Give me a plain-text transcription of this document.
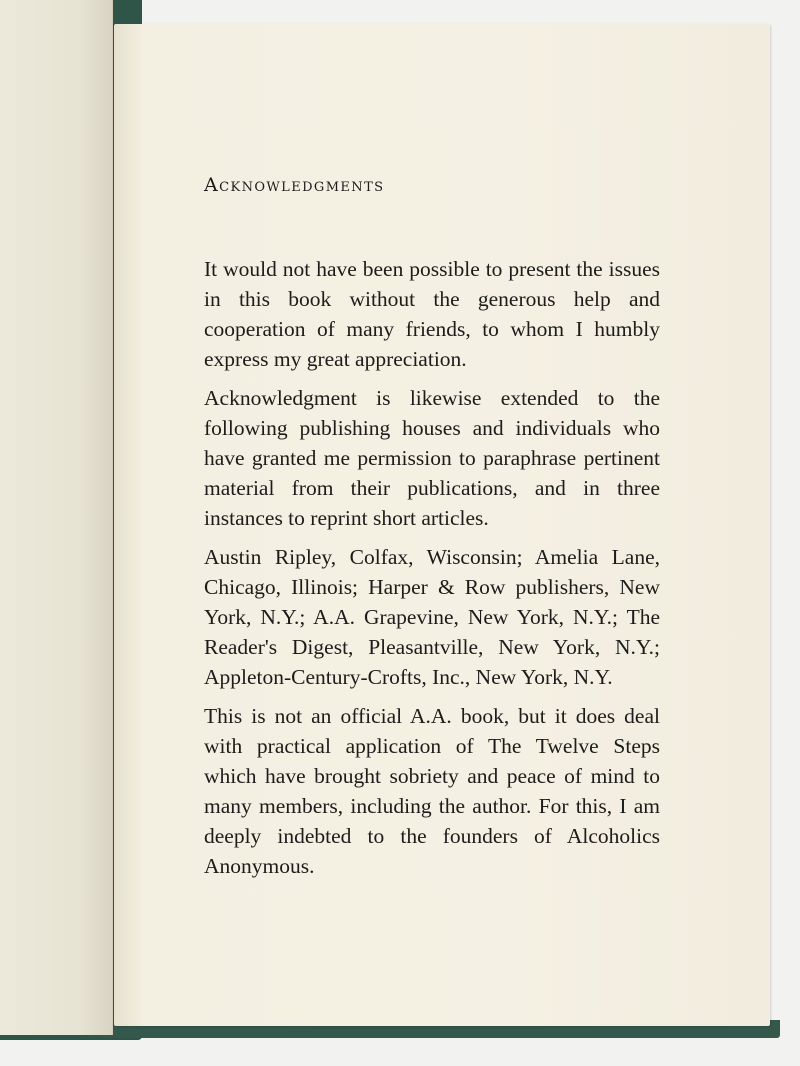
Acknowledgments

It would not have been possible to present the issues in this book without the generous help and cooperation of many friends, to whom I humbly express my great appreciation.

Acknowledgment is likewise extended to the following publishing houses and individuals who have granted me permission to paraphrase pertinent material from their publications, and in three instances to reprint short articles.

Austin Ripley, Colfax, Wisconsin; Amelia Lane, Chicago, Illinois; Harper & Row publishers, New York, N.Y.; A.A. Grapevine, New York, N.Y.; The Reader's Digest, Pleasantville, New York, N.Y.; Appleton-Century-Crofts, Inc., New York, N.Y.

This is not an official A.A. book, but it does deal with practical application of The Twelve Steps which have brought sobriety and peace of mind to many members, including the author. For this, I am deeply indebted to the founders of Alcoholics Anonymous.
